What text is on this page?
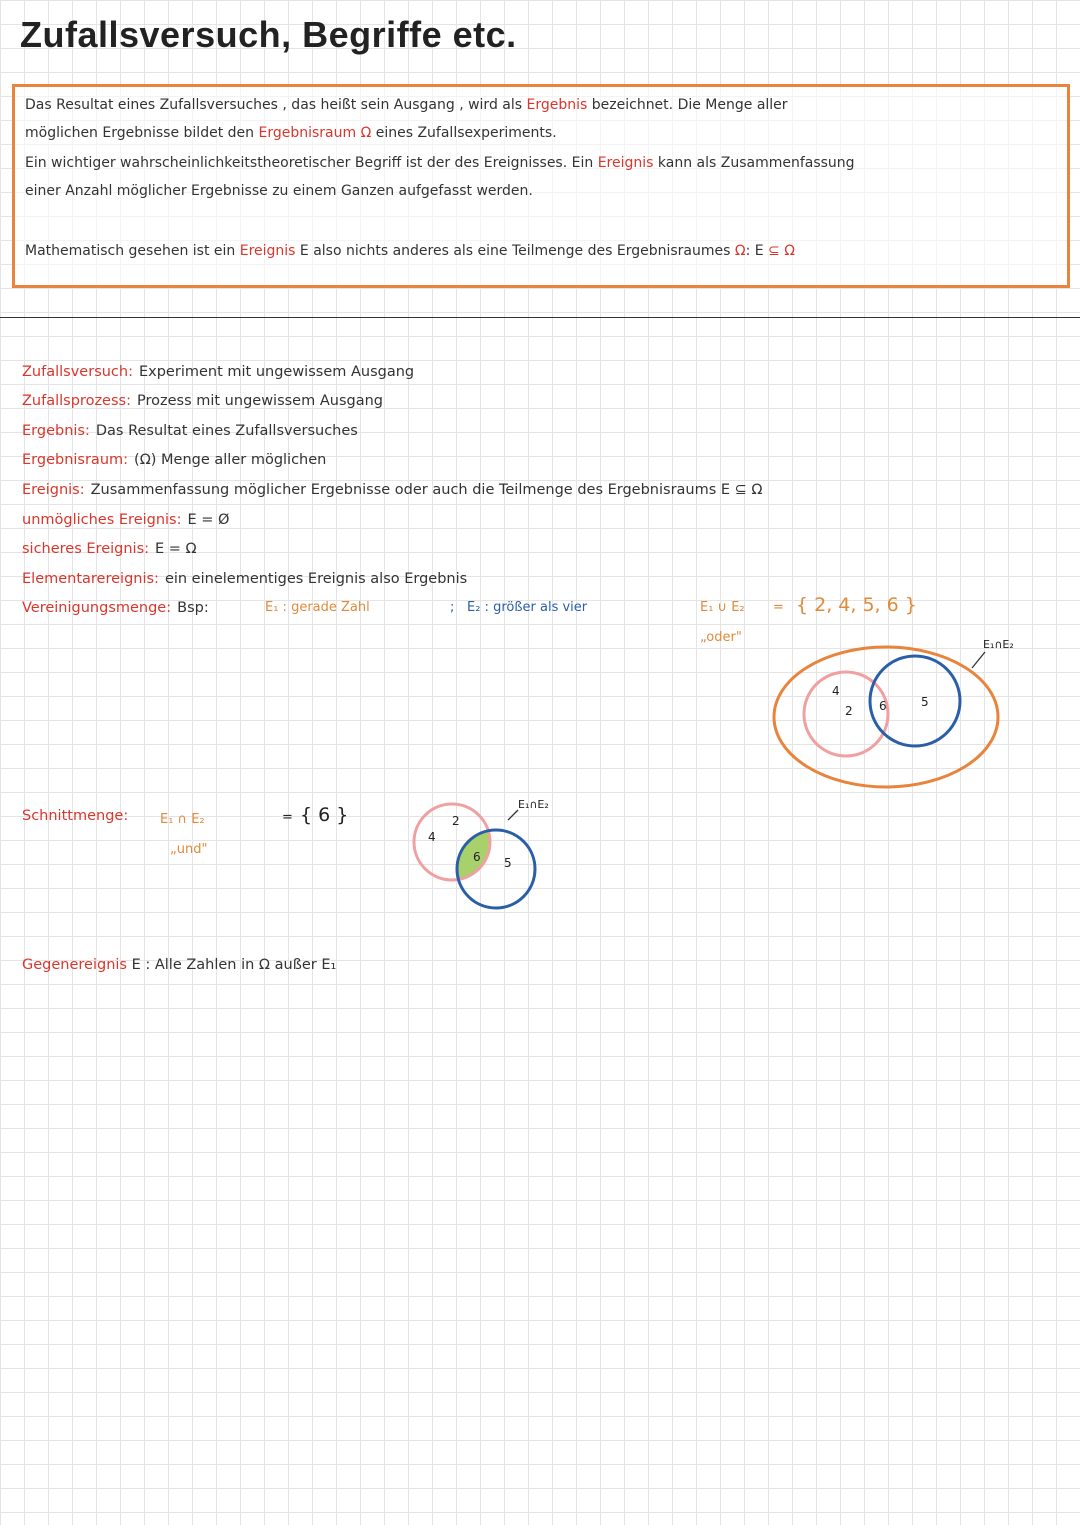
Zufallsversuch, Begriffe etc.
Das Resultat eines Zufallsversuches , das heißt sein Ausgang , wird als Ergebnis bezeichnet. Die Menge aller
möglichen Ergebnisse bildet den Ergebnisraum Ω eines Zufallsexperiments.
Ein wichtiger wahrscheinlichkeitstheoretischer Begriff ist der des Ereignisses. Ein Ereignis kann als Zusammenfassung
einer Anzahl möglicher Ergebnisse zu einem Ganzen aufgefasst werden.
Mathematisch gesehen ist ein Ereignis E also nichts anderes als eine Teilmenge des Ergebnisraumes Ω: E ⊆ Ω
Zufallsversuch: Experiment mit ungewissem Ausgang
Zufallsprozess: Prozess mit ungewissem Ausgang
Ergebnis: Das Resultat eines Zufallsversuches
Ergebnisraum: (Ω) Menge aller möglichen
Ereignis: Zusammenfassung möglicher Ergebnisse oder auch die Teilmenge des Ergebnisraums E ⊆ Ω
unmögliches Ereignis: E = Ø
sicheres Ereignis: E = Ω
Elementarereignis: ein einelementiges Ereignis also Ergebnis
Vereinigungsmenge: Bsp:	E₁ : gerade Zahl	; E₂ : größer als vier	E₁ ∪ E₂ = { 2, 4, 5, 6 }
„oder"	E₁∩E₂
4
2 6	5
Schnittmenge: E₁ ∩ E₂	= { 6 }
„und"
E₁∩E₂
4
2
6 5
Gegenereignis E : Alle Zahlen in Ω außer E₁
